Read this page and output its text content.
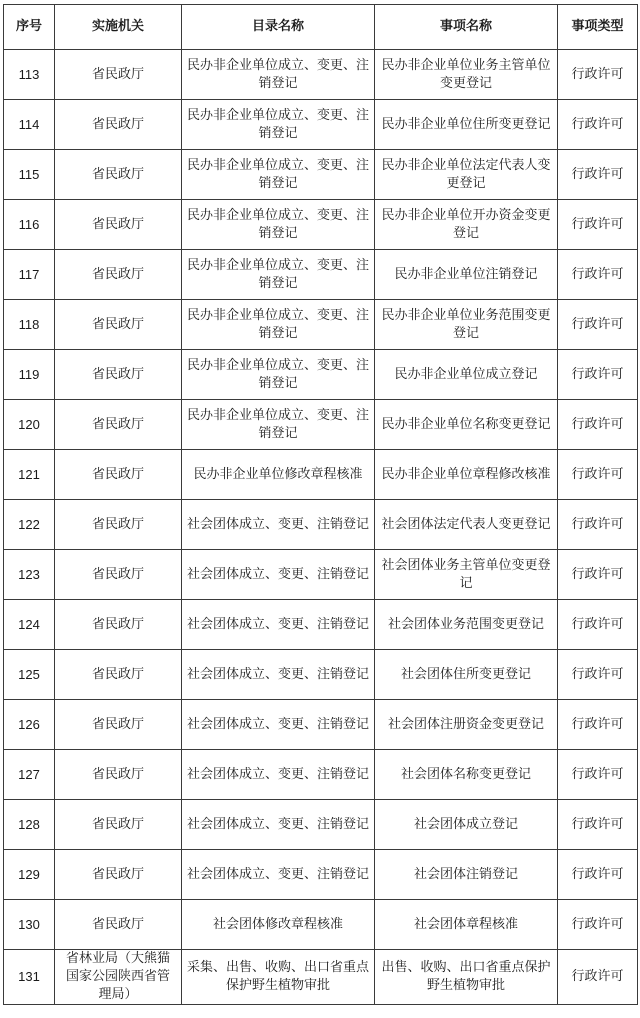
序号	实施机关	目录名称	事项名称	事项类型
113	省民政厅	民办非企业单位成立、变更、注销登记	民办非企业单位业务主管单位变更登记	行政许可
114	省民政厅	民办非企业单位成立、变更、注销登记	民办非企业单位住所变更登记	行政许可
115	省民政厅	民办非企业单位成立、变更、注销登记	民办非企业单位法定代表人变更登记	行政许可
116	省民政厅	民办非企业单位成立、变更、注销登记	民办非企业单位开办资金变更登记	行政许可
117	省民政厅	民办非企业单位成立、变更、注销登记	民办非企业单位注销登记	行政许可
118	省民政厅	民办非企业单位成立、变更、注销登记	民办非企业单位业务范围变更登记	行政许可
119	省民政厅	民办非企业单位成立、变更、注销登记	民办非企业单位成立登记	行政许可
120	省民政厅	民办非企业单位成立、变更、注销登记	民办非企业单位名称变更登记	行政许可
121	省民政厅	民办非企业单位修改章程核准	民办非企业单位章程修改核准	行政许可
122	省民政厅	社会团体成立、变更、注销登记	社会团体法定代表人变更登记	行政许可
123	省民政厅	社会团体成立、变更、注销登记	社会团体业务主管单位变更登记	行政许可
124	省民政厅	社会团体成立、变更、注销登记	社会团体业务范围变更登记	行政许可
125	省民政厅	社会团体成立、变更、注销登记	社会团体住所变更登记	行政许可
126	省民政厅	社会团体成立、变更、注销登记	社会团体注册资金变更登记	行政许可
127	省民政厅	社会团体成立、变更、注销登记	社会团体名称变更登记	行政许可
128	省民政厅	社会团体成立、变更、注销登记	社会团体成立登记	行政许可
129	省民政厅	社会团体成立、变更、注销登记	社会团体注销登记	行政许可
130	省民政厅	社会团体修改章程核准	社会团体章程核准	行政许可
131	省林业局（大熊猫国家公园陕西省管理局）	采集、出售、收购、出口省重点保护野生植物审批	出售、收购、出口省重点保护野生植物审批	行政许可
